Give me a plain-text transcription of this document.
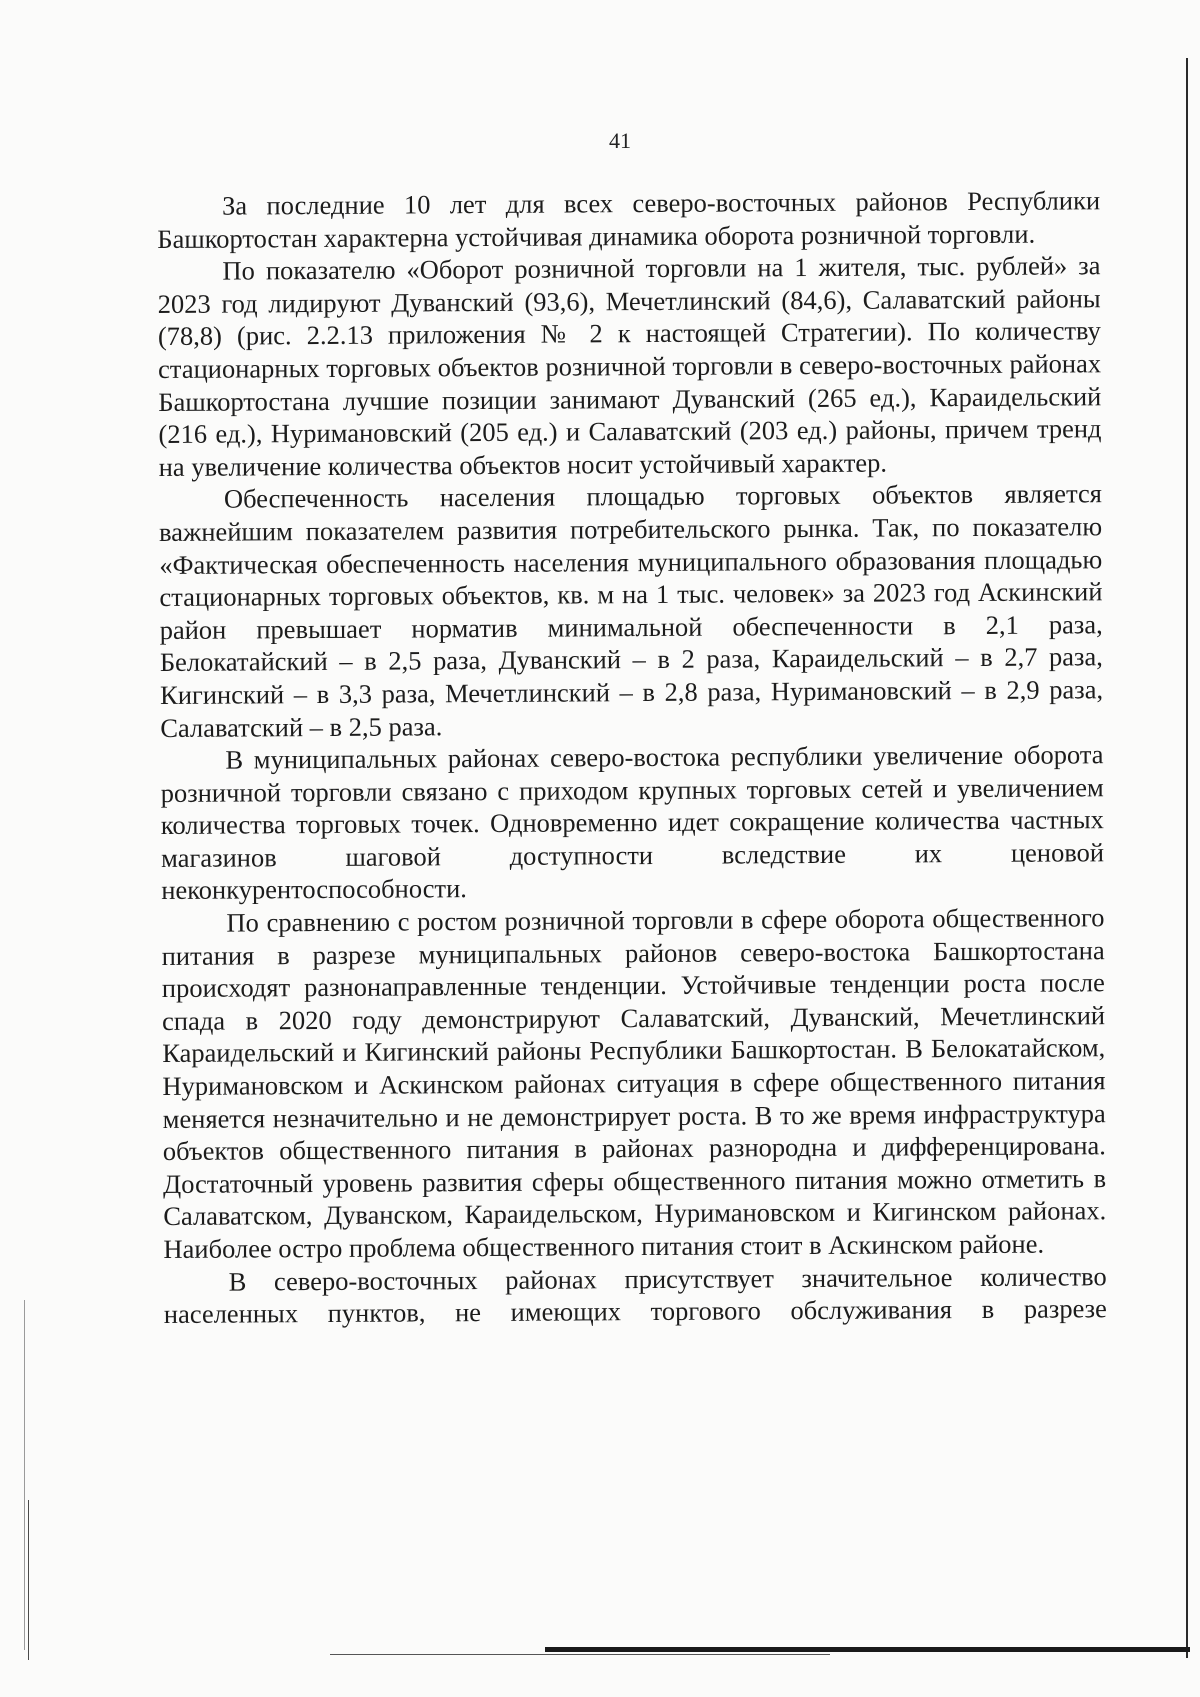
41

За последние 10 лет для всех северо-восточных районов Республики Башкортостан характерна устойчивая динамика оборота розничной торговли.

По показателю «Оборот розничной торговли на 1 жителя, тыс. рублей» за 2023 год лидируют Дуванский (93,6), Мечетлинский (84,6), Салаватский районы (78,8) (рис. 2.2.13 приложения № 2 к настоящей Стратегии). По количеству стационарных торговых объектов розничной торговли в северо-восточных районах Башкортостана лучшие позиции занимают Дуванский (265 ед.), Караидельский (216 ед.), Нуримановский (205 ед.) и Салаватский (203 ед.) районы, причем тренд на увеличение количества объектов носит устойчивый характер.

Обеспеченность населения площадью торговых объектов является важнейшим показателем развития потребительского рынка. Так, по показателю «Фактическая обеспеченность населения муниципального образования площадью стационарных торговых объектов, кв. м на 1 тыс. человек» за 2023 год Аскинский район превышает норматив минимальной обеспеченности в 2,1 раза, Белокатайский – в 2,5 раза, Дуванский – в 2 раза, Караидельский – в 2,7 раза, Кигинский – в 3,3 раза, Мечетлинский – в 2,8 раза, Нуримановский – в 2,9 раза, Салаватский – в 2,5 раза.

В муниципальных районах северо-востока республики увеличение оборота розничной торговли связано с приходом крупных торговых сетей и увеличением количества торговых точек. Одновременно идет сокращение количества частных магазинов шаговой доступности вследствие их ценовой неконкурентоспособности.

По сравнению с ростом розничной торговли в сфере оборота общественного питания в разрезе муниципальных районов северо-востока Башкортостана происходят разнонаправленные тенденции. Устойчивые тенденции роста после спада в 2020 году демонстрируют Салаватский, Дуванский, Мечетлинский Караидельский и Кигинский районы Республики Башкортостан. В Белокатайском, Нуримановском и Аскинском районах ситуация в сфере общественного питания меняется незначительно и не демонстрирует роста. В то же время инфраструктура объектов общественного питания в районах разнородна и дифференцирована. Достаточный уровень развития сферы общественного питания можно отметить в Салаватском, Дуванском, Караидельском, Нуримановском и Кигинском районах. Наиболее остро проблема общественного питания стоит в Аскинском районе.

В северо-восточных районах присутствует значительное количество населенных пунктов, не имеющих торгового обслуживания в разрезе
